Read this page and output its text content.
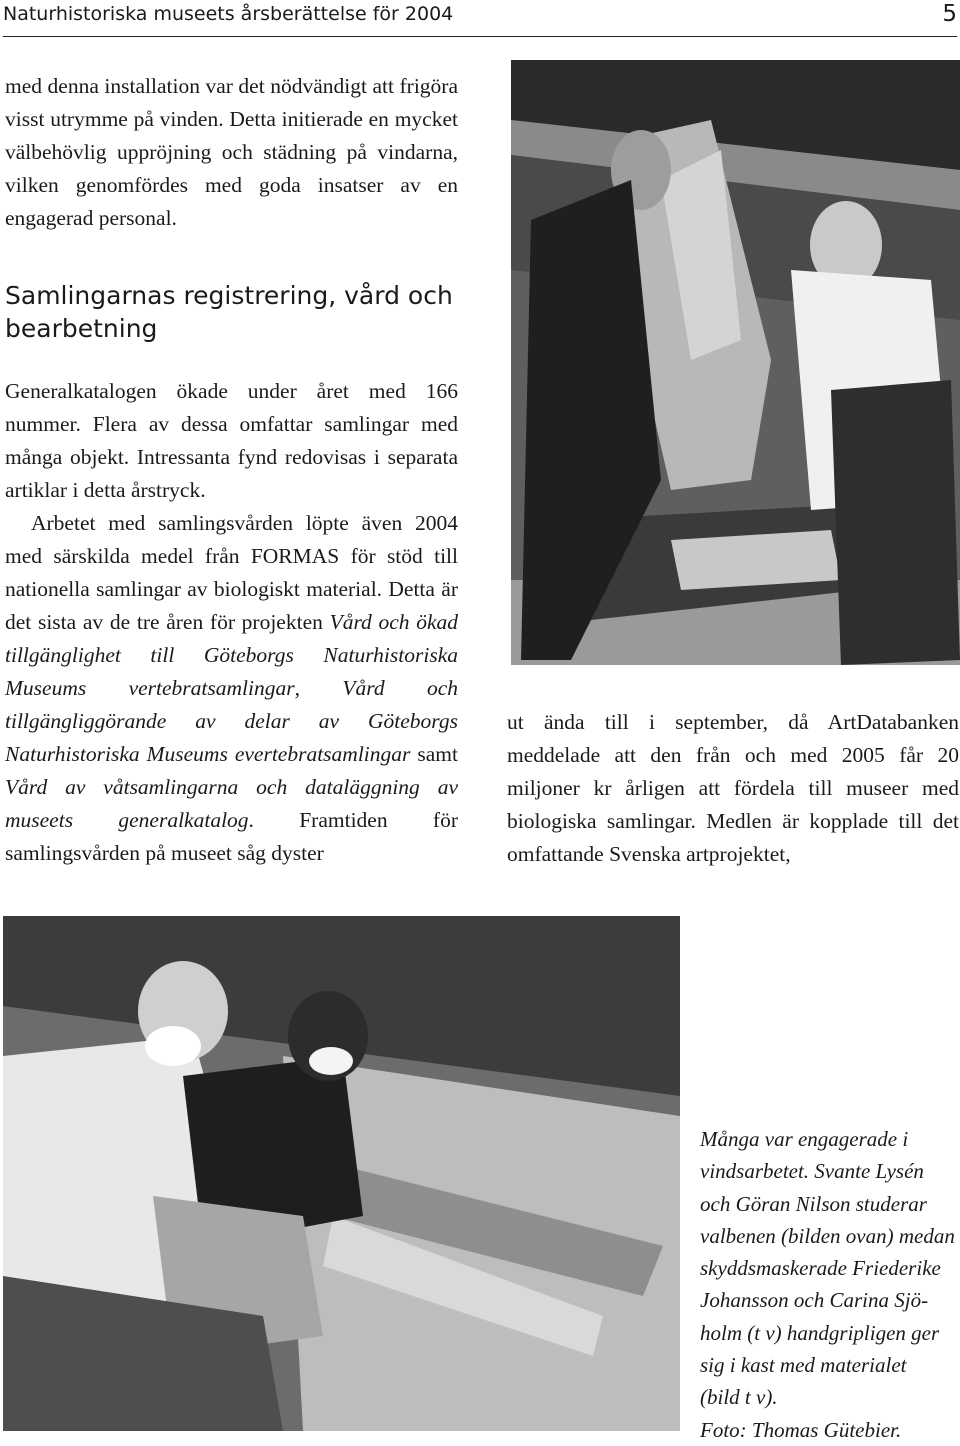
Naturhistoriska museets årsberättelse för 2004	5

med denna installation var det nödvändigt att frigöra visst utrymme på vinden. Detta initierade en mycket välbehövlig uppröjning och städning på vindarna, vilken genomfördes med goda insatser av en engagerad personal.

Samlingarnas registrering, vård och bearbetning

Generalkatalogen ökade under året med 166 nummer. Flera av dessa omfattar samlingar med många objekt. Intressanta fynd redovisas i separata artiklar i detta årstryck.

Arbetet med samlingsvården löpte även 2004 med särskilda medel från FORMAS för stöd till nationella samlingar av biologiskt material. Detta är det sista av de tre åren för projekten Vård och ökad tillgänglighet till Göteborgs Naturhistoriska Museums vertebratsamlingar, Vård och tillgängliggörande av delar av Göteborgs Naturhistoriska Museums evertebratsamlingar samt Vård av våtsamlingarna och dataläggning av museets generalkatalog. Framtiden för samlingsvården på museet såg dyster

ut ända till i september, då ArtDatabanken meddelade att den från och med 2005 får 20 miljoner kr årligen att fördela till museer med biologiska samlingar. Medlen är kopplade till det omfattande Svenska artprojektet,

Många var engagerade i
vindsarbetet. Svante Lysén
och Göran Nilson studerar
valbenen (bilden ovan) medan
skyddsmaskerade Friederike
Johansson och Carina Sjö-
holm (t v) handgripligen ger
sig i kast med materialet
(bild t v).
Foto: Thomas Gütebier.
